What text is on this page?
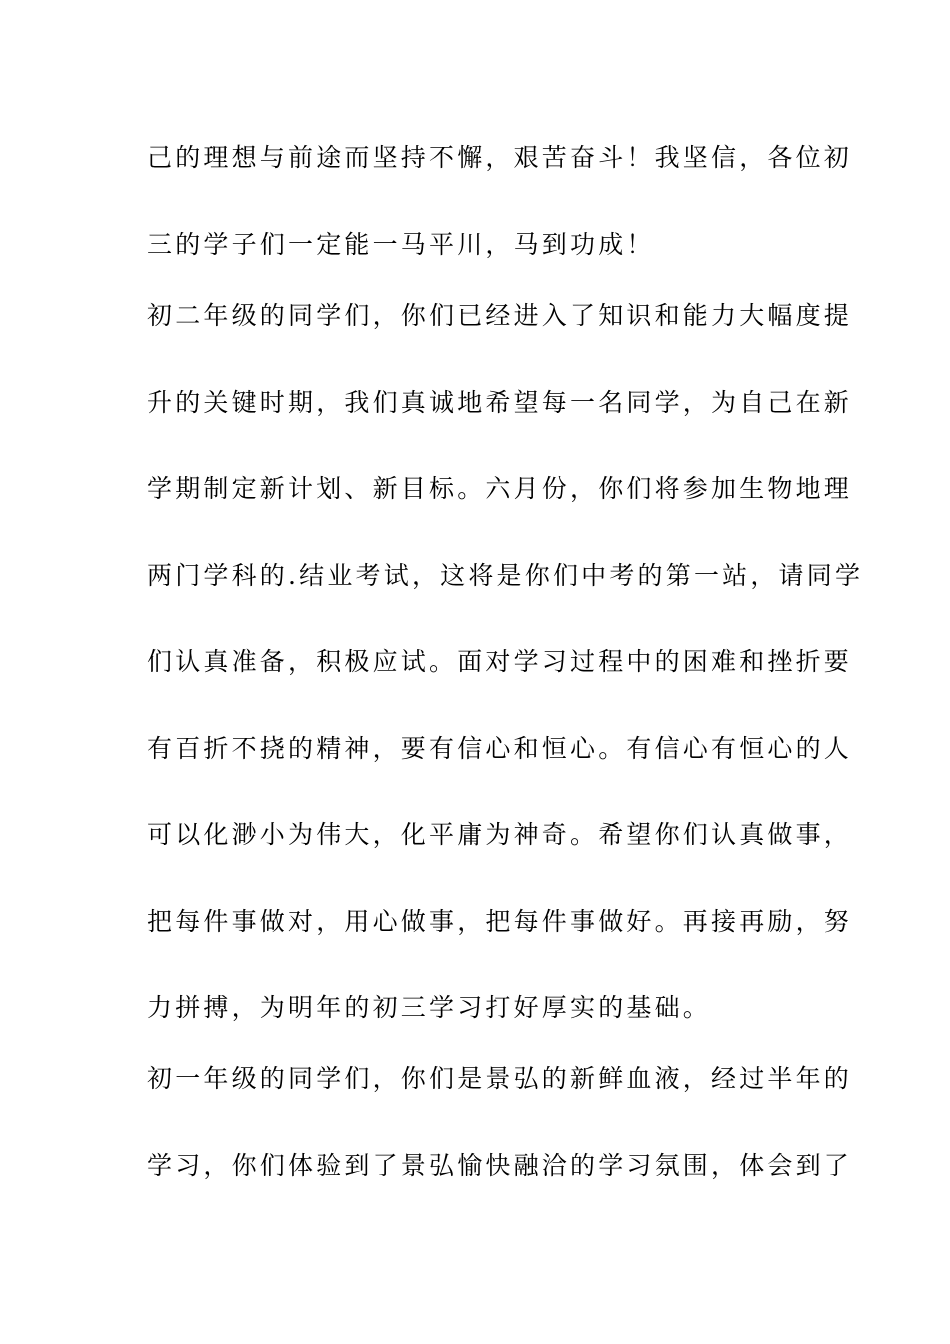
己的理想与前途而坚持不懈，艰苦奋斗！我坚信，各位初
三的学子们一定能一马平川，马到功成！
初二年级的同学们，你们已经进入了知识和能力大幅度提
升的关键时期，我们真诚地希望每一名同学，为自己在新
学期制定新计划、新目标。六月份，你们将参加生物地理
两门学科的.结业考试，这将是你们中考的第一站，请同学
们认真准备，积极应试。面对学习过程中的困难和挫折要
有百折不挠的精神，要有信心和恒心。有信心有恒心的人
可以化渺小为伟大，化平庸为神奇。希望你们认真做事，
把每件事做对，用心做事，把每件事做好。再接再励，努
力拼搏，为明年的初三学习打好厚实的基础。
初一年级的同学们，你们是景弘的新鲜血液，经过半年的
学习，你们体验到了景弘愉快融洽的学习氛围，体会到了
